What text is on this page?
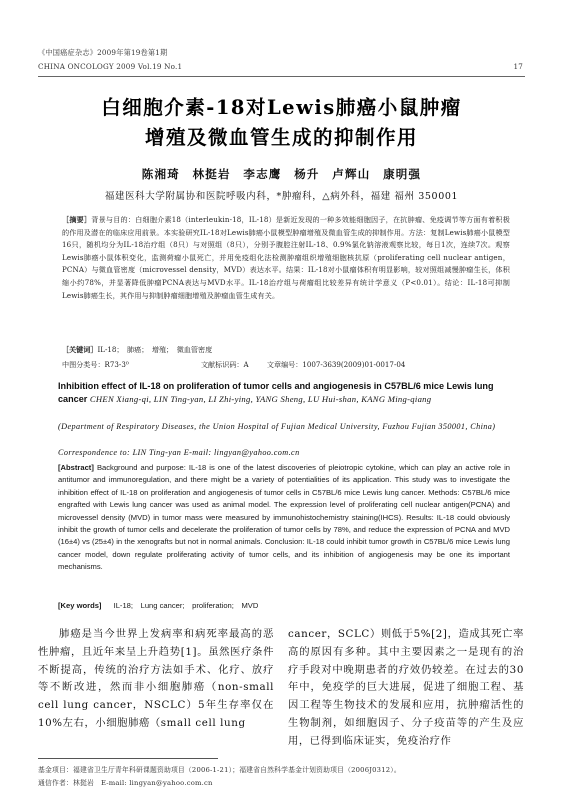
《中国癌症杂志》2009年第19卷第1期
CHINA ONCOLOGY 2009 Vol.19 No.1	17
白细胞介素-18对Lewis肺癌小鼠肿瘤
增殖及微血管生成的抑制作用
陈湘琦　林挺岩　李志鹰　杨升　卢辉山　康明强
福建医科大学附属协和医院呼吸内科，*肿瘤科，△病外科，福建 福州 350001
［摘要］背景与目的：白细胞介素18（interleukin-18，IL-18）是新近发现的一种多效能细胞因子，在抗肿瘤、免疫调节等方面有着积极的作用及潜在的临床应用前景。本实验研究IL-18对Lewis肺癌小鼠模型肿瘤增殖及微血管生成的抑制作用。方法：复制Lewis肺癌小鼠模型16只，随机均分为IL-18治疗组（8只）与对照组（8只），分别予腹腔注射IL-18、0.9%氯化钠溶液观察比较，每日1次，连续7次。观察Lewis肺癌小鼠体积变化，监测荷瘤小鼠死亡，并用免疫组化法检测肿瘤组织增殖细胞核抗原（proliferating cell nuclear antigen，PCNA）与微血管密度（microvessel density，MVD）表达水平。结果：IL-18对小鼠瘤体积有明显影响，较对照组减慢肿瘤生长，体积缩小约78%，并显著降低肿瘤PCNA表达与MVD水平。IL-18治疗组与荷瘤组比较差异有统计学意义（P<0.01）。结论：IL-18可抑制Lewis肺癌生长，其作用与抑制肿瘤细胞增殖及肿瘤血管生成有关。
［关键词］IL-18；　肺癌；　增殖；　微血管密度
中图分类号：R73-3⁰	文献标识码：A	文章编号：1007-3639(2009)01-0017-04
Inhibition effect of IL-18 on proliferation of tumor cells and angiogenesis in C57BL/6 mice Lewis lung cancer CHEN Xiang-qi, LIN Ting-yan, LI Zhi-ying, YANG Sheng, LU Hui-shan, KANG Ming-qiang
(Department of Respiratory Diseases, the Union Hospital of Fujian Medical University, Fuzhou Fujian 350001, China)
Correspondence to: LIN Ting-yan E-mail: lingyan@yahoo.com.cn
[Abstract] Background and purpose: IL-18 is one of the latest discoveries of pleiotropic cytokine, which can play an active role in antitumor and immunoregulation, and there might be a variety of potentialities of its application. This study was to investigate the inhibition effect of IL-18 on proliferation and angiogenesis of tumor cells in C57BL/6 mice Lewis lung cancer. Methods: C57BL/6 mice engrafted with Lewis lung cancer was used as animal model. The expression level of proliferating cell nuclear antigen(PCNA) and microvessel density (MVD) in tumor mass were measured by immunohistochemistry staining(IHCS). Results: IL-18 could obviously inhibit the growth of tumor cells and decelerate the proliferation of tumor cells by 78%, and reduce the expression of PCNA and MVD (16±4) vs (25±4) in the xenografts but not in normal animals. Conclusion: IL-18 could inhibit tumor growth in C57BL/6 mice Lewis lung cancer model, down regulate proliferating activity of tumor cells, and its inhibition of angiogenesis may be one its important mechanisms.
[Key words] IL-18;　Lung cancer;　proliferation;　MVD
肺癌是当今世界上发病率和病死率最高的恶性肿瘤，且近年来呈上升趋势[1]。虽然医疗条件不断提高，传统的治疗方法如手术、化疗、放疗等不断改进，然而非小细胞肺癌（non-small cell lung cancer，NSCLC）5年生存率仅在10%左右，小细胞肺癌（small cell lung
cancer，SCLC）则低于5%[2]，造成其死亡率高的原因有多种。其中主要因素之一是现有的治疗手段对中晚期患者的疗效仍较差。在过去的30年中，免疫学的巨大进展，促进了细胞工程、基因工程等生物技术的发展和应用，抗肿瘤活性的生物制剂，如细胞因子、分子疫苗等的产生及应用，已得到临床证实，免疫治疗作
基金项目：福建省卫生厅青年科研课题资助项目（2006-1-21）；福建省自然科学基金计划资助项目（2006J0312）。
通信作者：林挺岩　E-mail: lingyan@yahoo.com.cn
